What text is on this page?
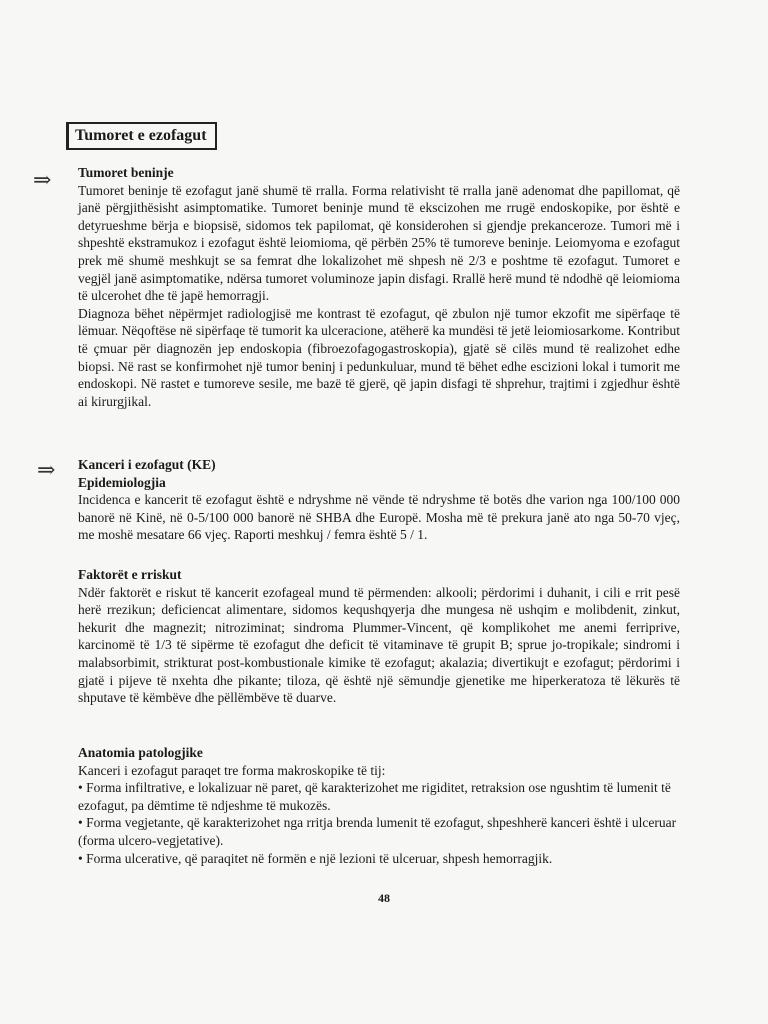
Tumoret e ezofagut
⇒ Tumoret beninje
Tumoret beninje të ezofagut janë shumë të rralla. Forma relativisht të rralla janë adenomat dhe papillomat, që janë përgjithësisht asimptomatike. Tumoret beninje mund të ekscizohen me rrugë endoskopike, por është e detyrueshme bërja e biopsisë, sidomos tek papilomat, që konsiderohen si gjendje prekanceroze. Tumori më i shpeshtë ekstramukoz i ezofagut është leiomioma, që përbën 25% të tumoreve beninje. Leiomyoma e ezofagut prek më shumë meshkujt se sa femrat dhe lokalizohet më shpesh në 2/3 e poshtme të ezofagut. Tumoret e vegjël janë asimptomatike, ndërsa tumoret voluminoze japin disfagi. Rrallë herë mund të ndodhë që leiomioma të ulcerohet dhe të japë hemorragji.
Diagnoza bëhet nëpërmjet radiologjisë me kontrast të ezofagut, që zbulon një tumor ekzofit me sipërfaqe të lëmuar. Nëqoftëse në sipërfaqe të tumorit ka ulceracione, atëherë ka mundësi të jetë leiomiosarkome. Kontribut të çmuar për diagnozën jep endoskopia (fibroezofagogastroskopia), gjatë së cilës mund të realizohet edhe biopsi. Në rast se konfirmohet një tumor beninj i pedunkuluar, mund të bëhet edhe escizioni lokal i tumorit me endoskopi. Në rastet e tumoreve sesile, me bazë të gjerë, që japin disfagi të shprehur, trajtimi i zgjedhur është ai kirurgjikal.
⇒ Kanceri i ezofagut (KE)
Epidemiologjia
Incidenca e kancerit të ezofagut është e ndryshme në vënde të ndryshme të botës dhe varion nga 100/100 000 banorë në Kinë, në 0-5/100 000 banorë në SHBA dhe Europë. Mosha më të prekura janë ato nga 50-70 vjeç, me moshë mesatare 66 vjeç. Raporti meshkuj / femra është 5 / 1.
Faktorët e rriskut
Ndër faktorët e riskut të kancerit ezofageal mund të përmenden: alkooli; përdorimi i duhanit, i cili e rrit pesë herë rrezikun; deficiencat alimentare, sidomos kequshqyerja dhe mungesa në ushqim e molibdenit, zinkut, hekurit dhe magnezit; nitroziminat; sindroma Plummer-Vincent, që komplikohet me anemi ferriprive, karcinomë të 1/3 të sipërme të ezofagut dhe deficit të vitaminave të grupit B; sprue jo-tropikale; sindromi i malabsorbimit, strikturat post-kombustionale kimike të ezofagut; akalazia; divertikujt e ezofagut; përdorimi i gjatë i pijeve të nxehta dhe pikante; tiloza, që është një sëmundje gjenetike me hiperkeratoza të lëkurës të shputave të këmbëve dhe pëllëmbëve të duarve.
Anatomia patologjike
Kanceri i ezofagut paraqet tre forma makroskopike të tij:
• Forma infiltrative, e lokalizuar në paret, që karakterizohet me rigiditet, retraksion ose ngushtim të lumenit të ezofagut, pa dëmtime të ndjeshme të mukozës.
• Forma vegjetante, që karakterizohet nga rritja brenda lumenit të ezofagut, shpeshherë kanceri është i ulceruar (forma ulcero-vegjetative).
• Forma ulcerative, që paraqitet në formën e një lezioni të ulceruar, shpesh hemorragjik.
48
